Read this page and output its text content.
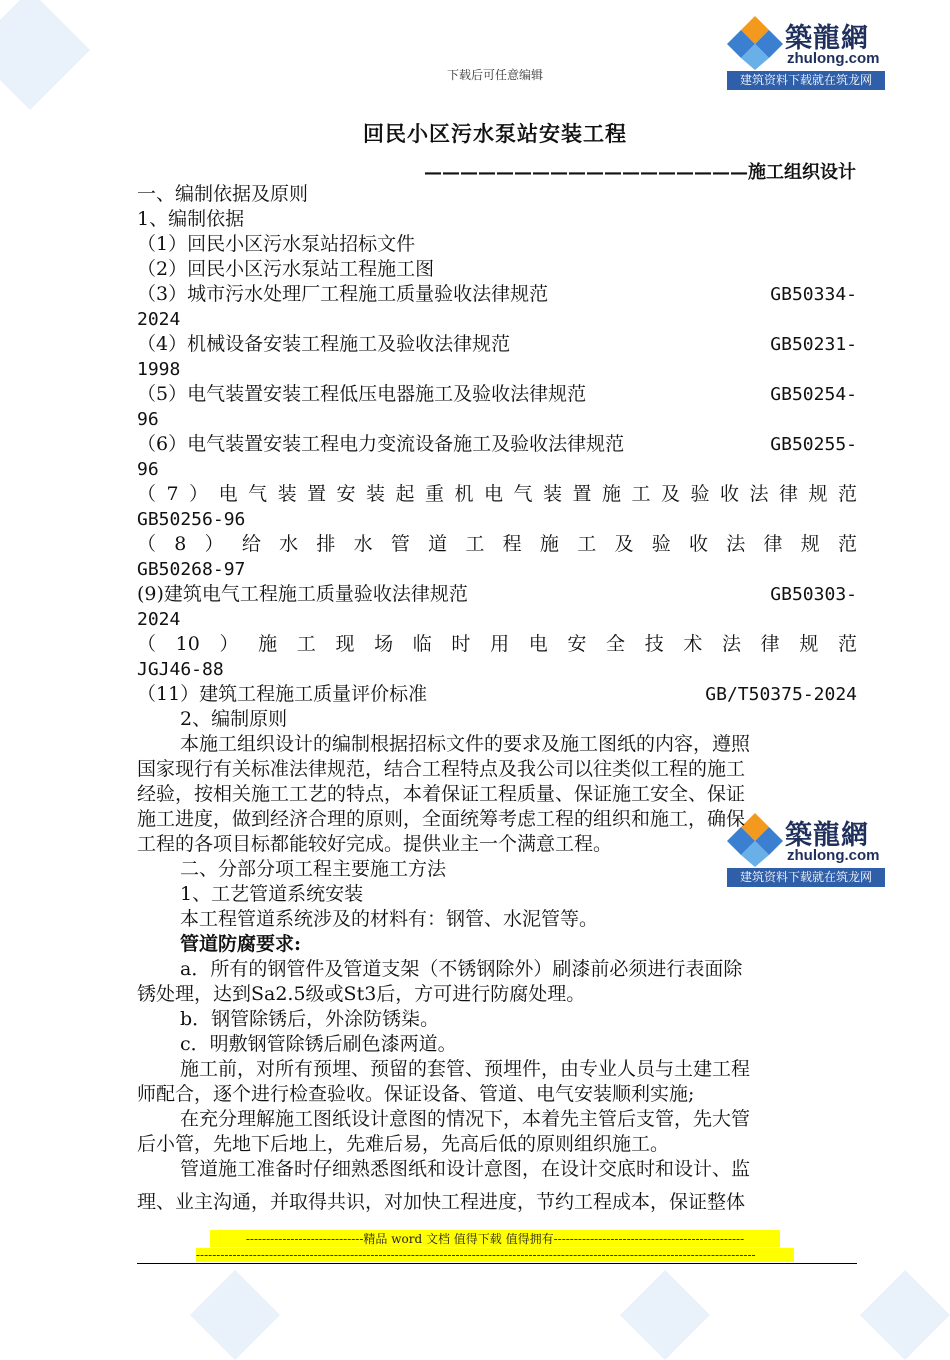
下载后可任意编辑
築龍網
zhulong.com
建筑资料下载就在筑龙网
築龍網
zhulong.com
建筑资料下载就在筑龙网
回民小区污水泵站安装工程
——————————————————施工组织设计
一、编制依据及原则
1、编制依据
（1）回民小区污水泵站招标文件
（2）回民小区污水泵站工程施工图
（3）城市污水处理厂工程施工质量验收法律规范	GB50334-
2024
（4）机械设备安装工程施工及验收法律规范	GB50231-
1998
（5）电气装置安装工程低压电器施工及验收法律规范	GB50254-
96
（6）电气装置安装工程电力变流设备施工及验收法律规范	GB50255-
96
（7）电气装置安装起重机电气装置施工及验收法律规范
GB50256-96
（8）给水排水管道工程施工及验收法律规范
GB50268-97
(9)建筑电气工程施工质量验收法律规范	GB50303-
2024
（10）施工现场临时用电安全技术法律规范
JGJ46-88
（11）建筑工程施工质量评价标准	GB/T50375-2024
2、编制原则
本施工组织设计的编制根据招标文件的要求及施工图纸的内容，遵照
国家现行有关标准法律规范，结合工程特点及我公司以往类似工程的施工
经验，按相关施工工艺的特点，本着保证工程质量、保证施工安全、保证
施工进度，做到经济合理的原则，全面统筹考虑工程的组织和施工，确保
工程的各项目标都能较好完成。提供业主一个满意工程。
二、分部分项工程主要施工方法
1、工艺管道系统安装
本工程管道系统涉及的材料有：钢管、水泥管等。
管道防腐要求:
a．所有的钢管件及管道支架（不锈钢除外）刷漆前必须进行表面除
锈处理，达到Sa2.5级或St3后，方可进行防腐处理。
b．钢管除锈后，外涂防锈柒。
c．明敷钢管除锈后刷色漆两道。
施工前，对所有预埋、预留的套管、预埋件，由专业人员与土建工程
师配合，逐个进行检查验收。保证设备、管道、电气安装顺利实施;
在充分理解施工图纸设计意图的情况下，本着先主管后支管，先大管
后小管，先地下后地上，先难后易，先高后低的原则组织施工。
管道施工准备时仔细熟悉图纸和设计意图，在设计交底时和设计、监
理、业主沟通，并取得共识，对加快工程进度，节约工程成本，保证整体
-----------------------------精品 word 文档 值得下载 值得拥有-----------------------------------------------
------------------------------------------------------------------------------------------------------------------------------------------
